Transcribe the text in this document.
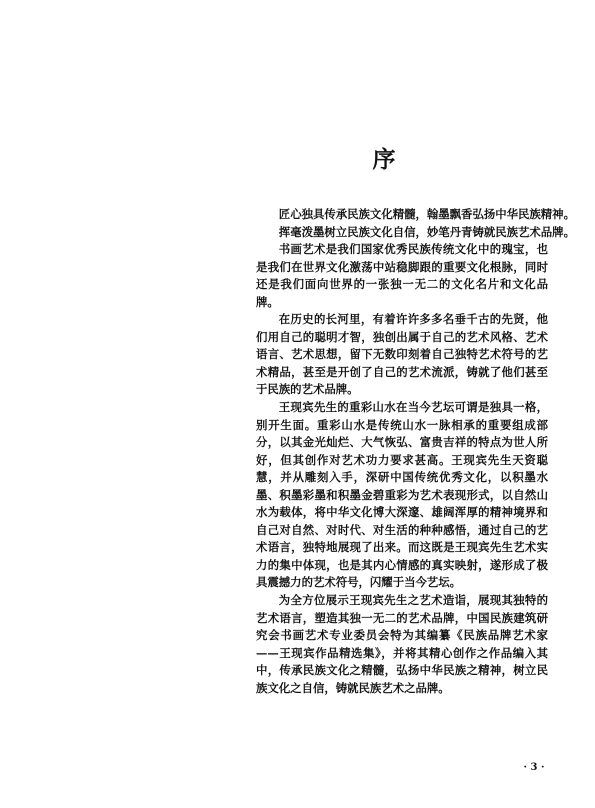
序

匠心独具传承民族文化精髓，翰墨飘香弘扬中华民族精神。

挥毫泼墨树立民族文化自信，妙笔丹青铸就民族艺术品牌。

书画艺术是我们国家优秀民族传统文化中的瑰宝，也是我们在世界文化激荡中站稳脚跟的重要文化根脉，同时还是我们面向世界的一张独一无二的文化名片和文化品牌。

在历史的长河里，有着许许多多名垂千古的先贤，他们用自己的聪明才智，独创出属于自己的艺术风格、艺术语言、艺术思想，留下无数印刻着自己独特艺术符号的艺术精品，甚至是开创了自己的艺术流派，铸就了他们甚至于民族的艺术品牌。

王现宾先生的重彩山水在当今艺坛可谓是独具一格，别开生面。重彩山水是传统山水一脉相承的重要组成部分，以其金光灿烂、大气恢弘、富贵吉祥的特点为世人所好，但其创作对艺术功力要求甚高。王现宾先生天资聪慧，并从雕刻入手，深研中国传统优秀文化，以积墨水墨、积墨彩墨和积墨金碧重彩为艺术表现形式，以自然山水为载体，将中华文化博大深邃、雄阔浑厚的精神境界和自己对自然、对时代、对生活的种种感悟，通过自己的艺术语言，独特地展现了出来。而这既是王现宾先生艺术实力的集中体现，也是其内心情感的真实映射，遂形成了极具震撼力的艺术符号，闪耀于当今艺坛。

为全方位展示王现宾先生之艺术造诣，展现其独特的艺术语言，塑造其独一无二的艺术品牌，中国民族建筑研究会书画艺术专业委员会特为其编纂《民族品牌艺术家——王现宾作品精选集》，并将其精心创作之作品编入其中，传承民族文化之精髓，弘扬中华民族之精神，树立民族文化之自信，铸就民族艺术之品牌。

· 3 ·
